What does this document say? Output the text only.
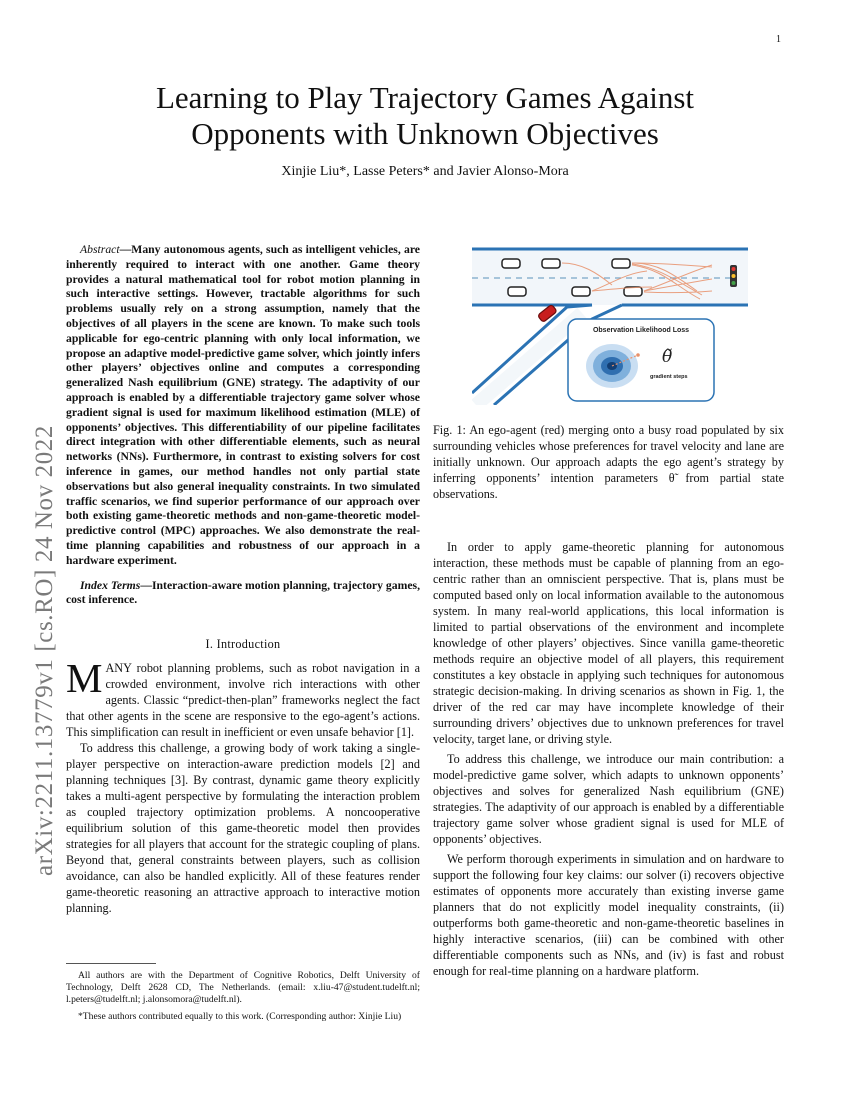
1
arXiv:2211.13779v1 [cs.RO] 24 Nov 2022
Learning to Play Trajectory Games Against
Opponents with Unknown Objectives
Xinjie Liu*, Lasse Peters* and Javier Alonso-Mora

Abstract—Many autonomous agents, such as intelligent vehicles, are inherently required to interact with one another. Game theory provides a natural mathematical tool for robot motion planning in such interactive settings. However, tractable algorithms for such problems usually rely on a strong assumption, namely that the objectives of all players in the scene are known. To make such tools applicable for ego-centric planning with only local information, we propose an adaptive model-predictive game solver, which jointly infers other players’ objectives online and computes a corresponding generalized Nash equilibrium (GNE) strategy. The adaptivity of our approach is enabled by a differentiable trajectory game solver whose gradient signal is used for maximum likelihood estimation (MLE) of opponents’ objectives. This differentiability of our pipeline facilitates direct integration with other differentiable elements, such as neural networks (NNs). Furthermore, in contrast to existing solvers for cost inference in games, our method handles not only partial state observations but also general inequality constraints. In two simulated traffic scenarios, we find superior performance of our approach over both existing game-theoretic methods and non-game-theoretic model-predictive control (MPC) approaches. We also demonstrate the real-time planning capabilities and robustness of our approach in a hardware experiment.

Index Terms—Interaction-aware motion planning, trajectory games, cost inference.

I. Introduction

MANY robot planning problems, such as robot navigation in a crowded environment, involve rich interactions with other agents. Classic “predict-then-plan” frameworks neglect the fact that other agents in the scene are responsive to the ego-agent’s actions. This simplification can result in inefficient or even unsafe behavior [1].

To address this challenge, a growing body of work taking a single-player perspective on interaction-aware prediction models [2] and planning techniques [3]. By contrast, dynamic game theory explicitly takes a multi-agent perspective by formulating the interaction problem as coupled trajectory optimization problems. A noncooperative equilibrium solution of this game-theoretic model then provides strategies for all players that account for the strategic coupling of plans. Beyond that, general constraints between players, such as collision avoidance, can also be handled explicitly. All of these features render game-theoretic reasoning an attractive approach to interactive motion planning.

All authors are with the Department of Cognitive Robotics, Delft University of Technology, Delft 2628 CD, The Netherlands. (email: x.liu-47@student.tudelft.nl; l.peters@tudelft.nl; j.alonsomora@tudelft.nl).

*These authors contributed equally to this work. (Corresponding author: Xinjie Liu)

Observation Likelihood Loss
θ̃
gradient steps

Fig. 1: An ego-agent (red) merging onto a busy road populated by six surrounding vehicles whose preferences for travel velocity and lane are initially unknown. Our approach adapts the ego agent’s strategy by inferring opponents’ intention parameters θ̃ from partial state observations.

In order to apply game-theoretic planning for autonomous interaction, these methods must be capable of planning from an ego-centric rather than an omniscient perspective. That is, plans must be computed based only on local information available to the autonomous system. In many real-world applications, this local information is limited to partial observations of the environment and incomplete knowledge of other players’ objectives. Since vanilla game-theoretic methods require an objective model of all players, this requirement constitutes a key obstacle in applying such techniques for autonomous strategic decision-making. In driving scenarios as shown in Fig. 1, the driver of the red car may have incomplete knowledge of their surrounding drivers’ objectives due to unknown preferences for travel velocity, target lane, or driving style.

To address this challenge, we introduce our main contribution: a model-predictive game solver, which adapts to unknown opponents’ objectives and solves for generalized Nash equilibrium (GNE) strategies. The adaptivity of our approach is enabled by a differentiable trajectory game solver whose gradient signal is used for MLE of opponents’ objectives.

We perform thorough experiments in simulation and on hardware to support the following four key claims: our solver (i) recovers objective estimates of opponents more accurately than existing inverse game planners that do not explicitly model inequality constraints, (ii) outperforms both game-theoretic and non-game-theoretic baselines in highly interactive scenarios, (iii) can be combined with other differentiable components such as NNs, and (iv) is fast and robust enough for real-time planning on a hardware platform.
